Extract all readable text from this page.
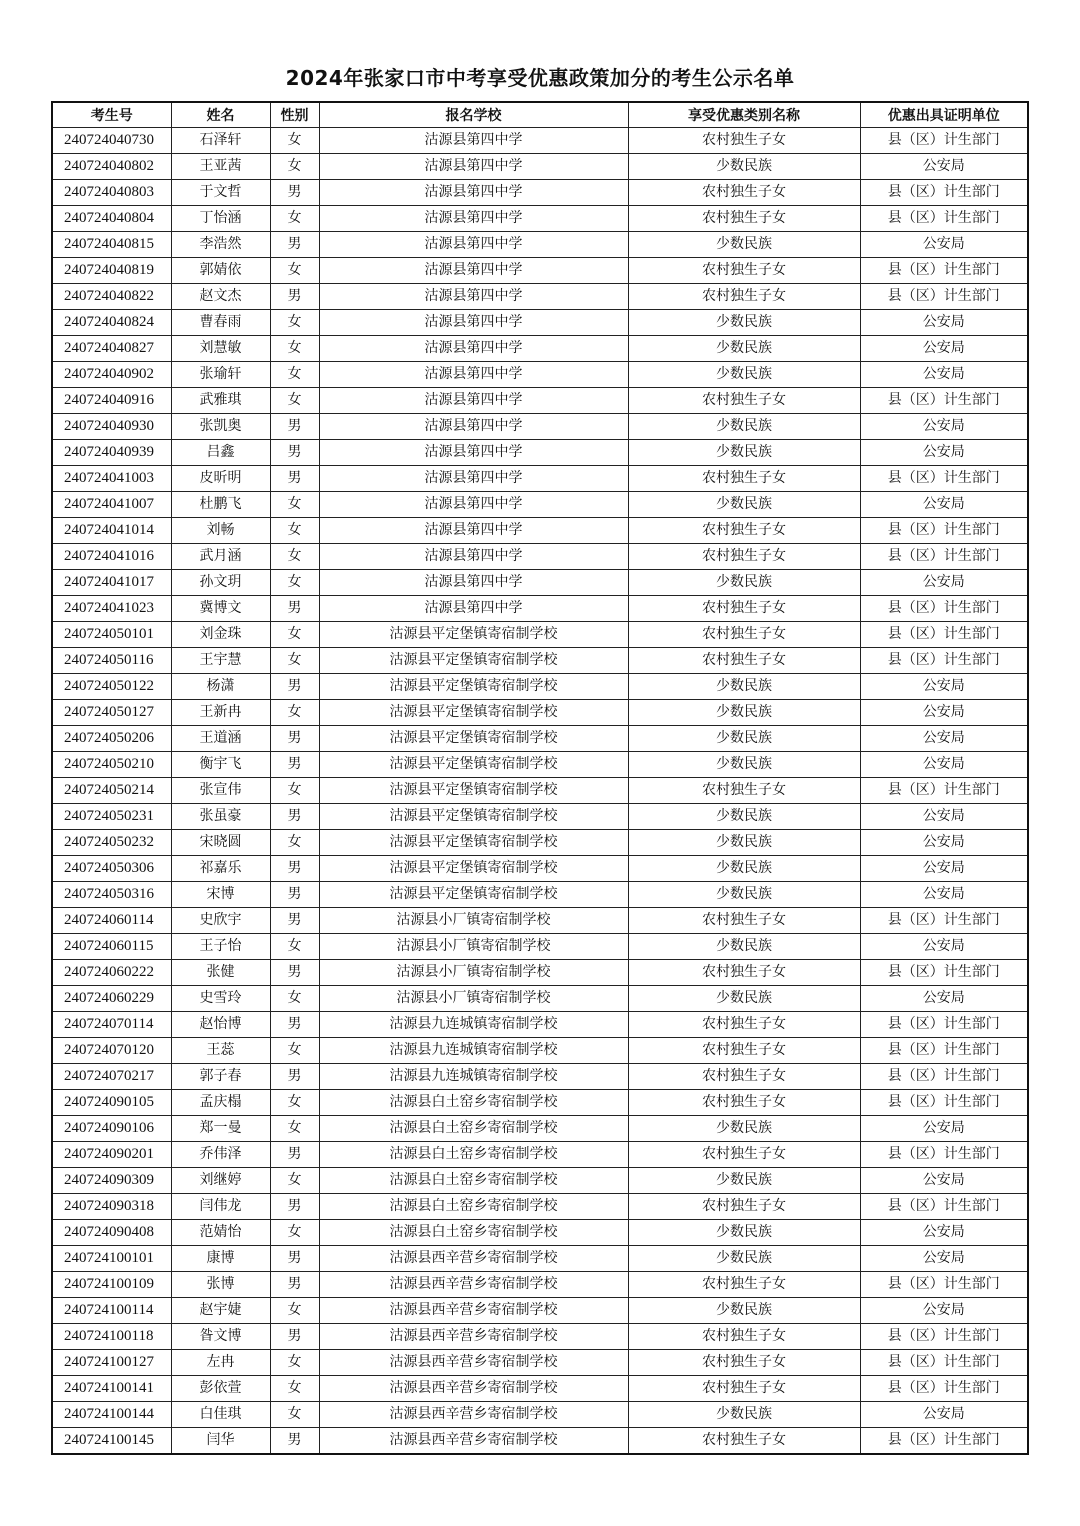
2024年张家口市中考享受优惠政策加分的考生公示名单
考生号	姓名	性别	报名学校	享受优惠类别名称	优惠出具证明单位
240724040730	石泽轩	女	沽源县第四中学	农村独生子女	县（区）计生部门
240724040802	王亚茜	女	沽源县第四中学	少数民族	公安局
240724040803	于文哲	男	沽源县第四中学	农村独生子女	县（区）计生部门
240724040804	丁怡涵	女	沽源县第四中学	农村独生子女	县（区）计生部门
240724040815	李浩然	男	沽源县第四中学	少数民族	公安局
240724040819	郭婧依	女	沽源县第四中学	农村独生子女	县（区）计生部门
240724040822	赵文杰	男	沽源县第四中学	农村独生子女	县（区）计生部门
240724040824	曹春雨	女	沽源县第四中学	少数民族	公安局
240724040827	刘慧敏	女	沽源县第四中学	少数民族	公安局
240724040902	张瑜轩	女	沽源县第四中学	少数民族	公安局
240724040916	武雅琪	女	沽源县第四中学	农村独生子女	县（区）计生部门
240724040930	张凯奥	男	沽源县第四中学	少数民族	公安局
240724040939	吕鑫	男	沽源县第四中学	少数民族	公安局
240724041003	皮昕明	男	沽源县第四中学	农村独生子女	县（区）计生部门
240724041007	杜鹏飞	女	沽源县第四中学	少数民族	公安局
240724041014	刘畅	女	沽源县第四中学	农村独生子女	县（区）计生部门
240724041016	武月涵	女	沽源县第四中学	农村独生子女	县（区）计生部门
240724041017	孙文玥	女	沽源县第四中学	少数民族	公安局
240724041023	冀博文	男	沽源县第四中学	农村独生子女	县（区）计生部门
240724050101	刘金珠	女	沽源县平定堡镇寄宿制学校	农村独生子女	县（区）计生部门
240724050116	王宇慧	女	沽源县平定堡镇寄宿制学校	农村独生子女	县（区）计生部门
240724050122	杨潇	男	沽源县平定堡镇寄宿制学校	少数民族	公安局
240724050127	王新冉	女	沽源县平定堡镇寄宿制学校	少数民族	公安局
240724050206	王道涵	男	沽源县平定堡镇寄宿制学校	少数民族	公安局
240724050210	衡宇飞	男	沽源县平定堡镇寄宿制学校	少数民族	公安局
240724050214	张宣伟	女	沽源县平定堡镇寄宿制学校	农村独生子女	县（区）计生部门
240724050231	张虽豪	男	沽源县平定堡镇寄宿制学校	少数民族	公安局
240724050232	宋晓圆	女	沽源县平定堡镇寄宿制学校	少数民族	公安局
240724050306	祁嘉乐	男	沽源县平定堡镇寄宿制学校	少数民族	公安局
240724050316	宋博	男	沽源县平定堡镇寄宿制学校	少数民族	公安局
240724060114	史欣宇	男	沽源县小厂镇寄宿制学校	农村独生子女	县（区）计生部门
240724060115	王子怡	女	沽源县小厂镇寄宿制学校	少数民族	公安局
240724060222	张健	男	沽源县小厂镇寄宿制学校	农村独生子女	县（区）计生部门
240724060229	史雪玲	女	沽源县小厂镇寄宿制学校	少数民族	公安局
240724070114	赵怡博	男	沽源县九连城镇寄宿制学校	农村独生子女	县（区）计生部门
240724070120	王蕊	女	沽源县九连城镇寄宿制学校	农村独生子女	县（区）计生部门
240724070217	郭子春	男	沽源县九连城镇寄宿制学校	农村独生子女	县（区）计生部门
240724090105	孟庆榻	女	沽源县白土窑乡寄宿制学校	农村独生子女	县（区）计生部门
240724090106	郑一曼	女	沽源县白土窑乡寄宿制学校	少数民族	公安局
240724090201	乔伟泽	男	沽源县白土窑乡寄宿制学校	农村独生子女	县（区）计生部门
240724090309	刘继婷	女	沽源县白土窑乡寄宿制学校	少数民族	公安局
240724090318	闫伟龙	男	沽源县白土窑乡寄宿制学校	农村独生子女	县（区）计生部门
240724090408	范婧怡	女	沽源县白土窑乡寄宿制学校	少数民族	公安局
240724100101	康博	男	沽源县西辛营乡寄宿制学校	少数民族	公安局
240724100109	张博	男	沽源县西辛营乡寄宿制学校	农村独生子女	县（区）计生部门
240724100114	赵宇婕	女	沽源县西辛营乡寄宿制学校	少数民族	公安局
240724100118	昝文博	男	沽源县西辛营乡寄宿制学校	农村独生子女	县（区）计生部门
240724100127	左冉	女	沽源县西辛营乡寄宿制学校	农村独生子女	县（区）计生部门
240724100141	彭依萱	女	沽源县西辛营乡寄宿制学校	农村独生子女	县（区）计生部门
240724100144	白佳琪	女	沽源县西辛营乡寄宿制学校	少数民族	公安局
240724100145	闫华	男	沽源县西辛营乡寄宿制学校	农村独生子女	县（区）计生部门
